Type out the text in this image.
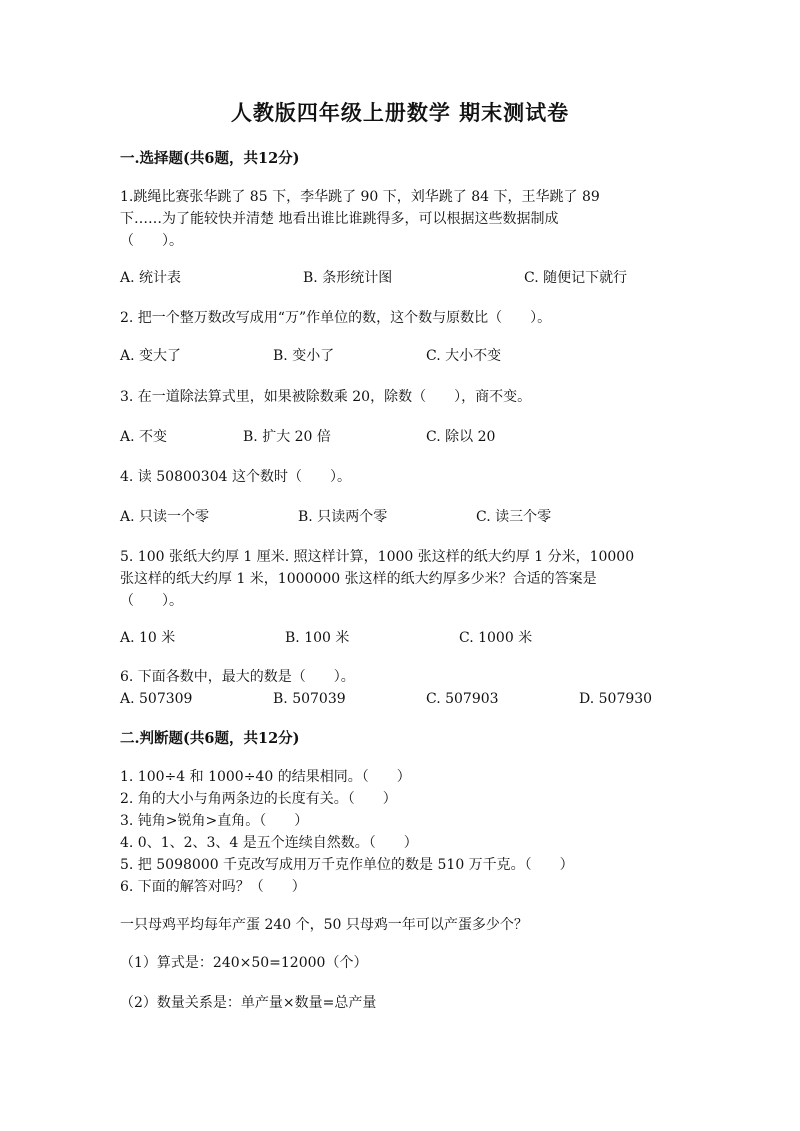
人教版四年级上册数学 期末测试卷
一.选择题(共6题，共12分)
1.跳绳比赛张华跳了 85 下，李华跳了 90 下，刘华跳了 84 下，王华跳了 89
下……为了能较快并清楚 地看出谁比谁跳得多，可以根据这些数据制成
（　　）。
A. 统计表	B. 条形统计图	C. 随便记下就行
2. 把一个整万数改写成用“万”作单位的数，这个数与原数比（　　）。
A. 变大了	B. 变小了	C. 大小不变
3. 在一道除法算式里，如果被除数乘 20，除数（　　），商不变。
A. 不变	B. 扩大 20 倍	C. 除以 20
4. 读 50800304 这个数时（　　）。
A. 只读一个零	B. 只读两个零	C. 读三个零
5. 100 张纸大约厚 1 厘米. 照这样计算，1000 张这样的纸大约厚 1 分米，10000
张这样的纸大约厚 1 米，1000000 张这样的纸大约厚多少米？合适的答案是
（　　）。
A. 10 米	B. 100 米	C. 1000 米
6. 下面各数中，最大的数是（　　）。
A. 507309	B. 507039	C. 507903	D. 507930
二.判断题(共6题，共12分)
1. 100÷4 和 1000÷40 的结果相同。（　　）
2. 角的大小与角两条边的长度有关。（　　）
3. 钝角>锐角>直角。（　　）
4. 0、1、2、3、4 是五个连续自然数。（　　）
5. 把 5098000 千克改写成用万千克作单位的数是 510 万千克。（　　）
6. 下面的解答对吗？（　　）
一只母鸡平均每年产蛋 240 个，50 只母鸡一年可以产蛋多少个？
（1）算式是：240×50=12000（个）
（2）数量关系是：单产量×数量=总产量
